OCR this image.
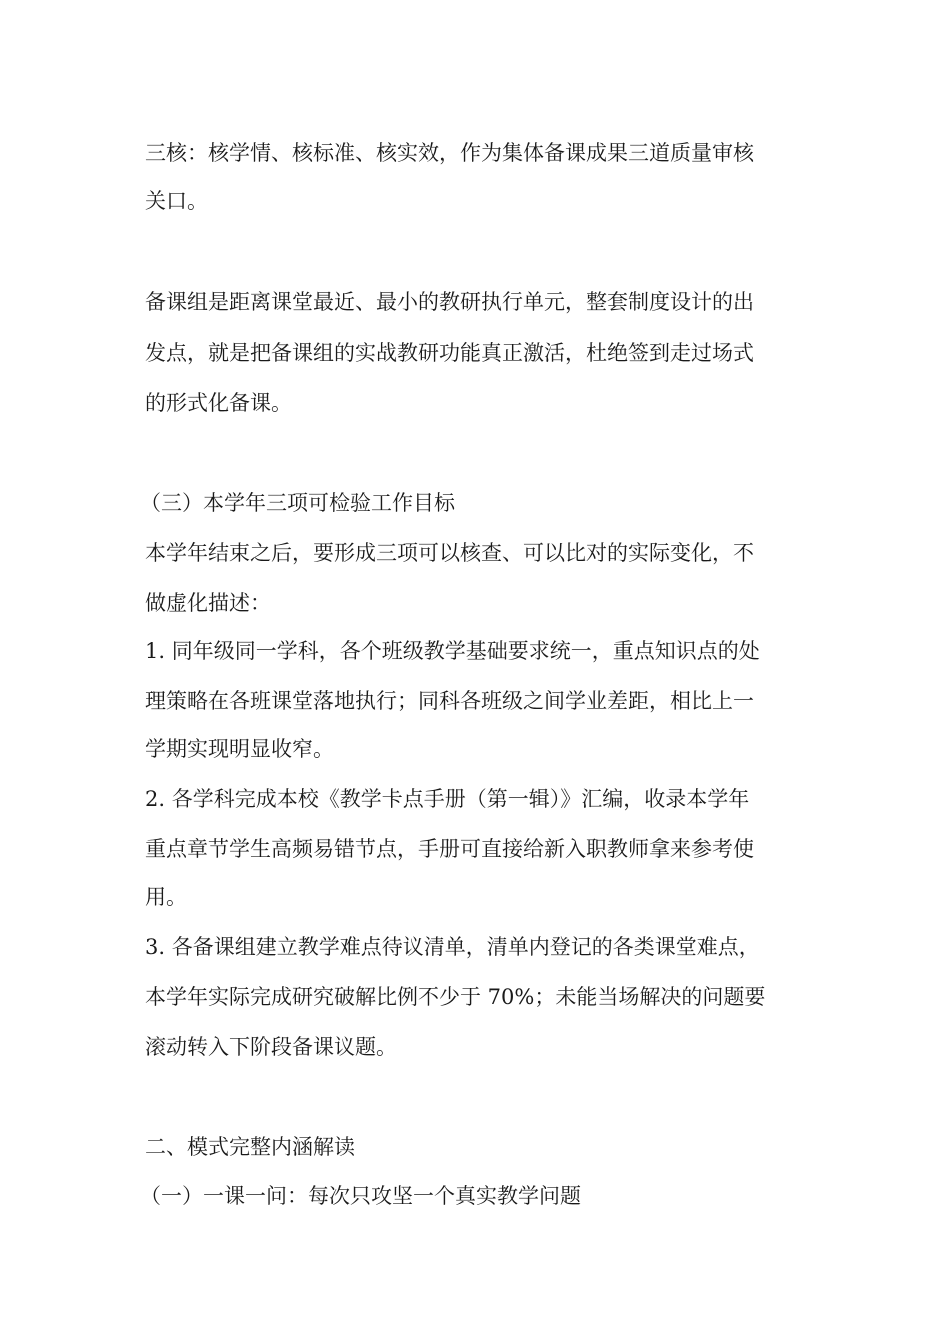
三核：核学情、核标准、核实效，作为集体备课成果三道质量审核
关口。
备课组是距离课堂最近、最小的教研执行单元，整套制度设计的出
发点，就是把备课组的实战教研功能真正激活，杜绝签到走过场式
的形式化备课。
（三）本学年三项可检验工作目标
本学年结束之后，要形成三项可以核查、可以比对的实际变化，不
做虚化描述：
1. 同年级同一学科，各个班级教学基础要求统一，重点知识点的处
理策略在各班课堂落地执行；同科各班级之间学业差距，相比上一
学期实现明显收窄。
2. 各学科完成本校《教学卡点手册（第一辑）》汇编，收录本学年
重点章节学生高频易错节点，手册可直接给新入职教师拿来参考使
用。
3. 各备课组建立教学难点待议清单，清单内登记的各类课堂难点，
本学年实际完成研究破解比例不少于 70%；未能当场解决的问题要
滚动转入下阶段备课议题。
二、模式完整内涵解读
（一）一课一问：每次只攻坚一个真实教学问题
